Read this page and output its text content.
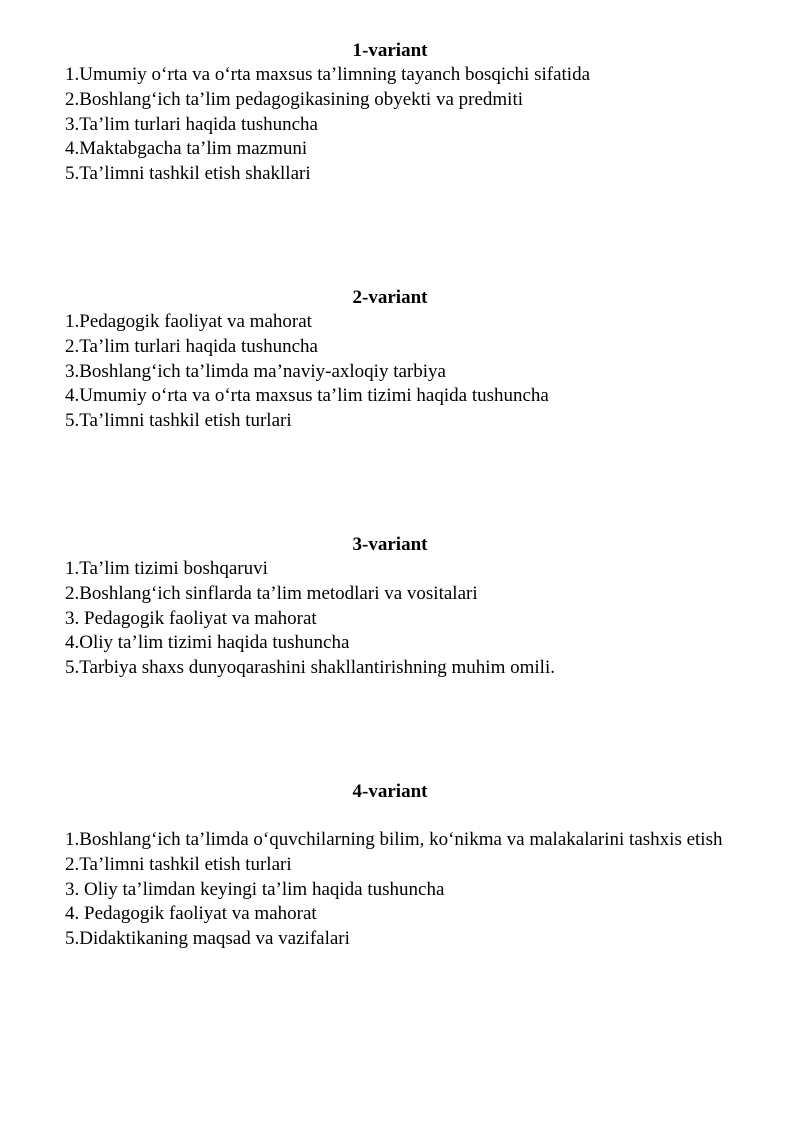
1-variant
1.Umumiy o‘rta va o‘rta maxsus ta’limning tayanch bosqichi sifatida
2.Boshlang‘ich ta’lim pedagogikasining obyekti va predmiti
3.Ta’lim turlari haqida tushuncha
4.Maktabgacha ta’lim mazmuni
5.Ta’limni tashkil etish shakllari
2-variant
1.Pedagogik faoliyat va mahorat
2.Ta’lim turlari haqida tushuncha
3.Boshlang‘ich ta’limda ma’naviy-axloqiy tarbiya
4.Umumiy o‘rta va o‘rta maxsus ta’lim tizimi haqida tushuncha
5.Ta’limni tashkil etish turlari
3-variant
1.Ta’lim tizimi boshqaruvi
2.Boshlang‘ich sinflarda ta’lim metodlari va vositalari
3. Pedagogik faoliyat va mahorat
4.Oliy ta’lim tizimi haqida tushuncha
5.Tarbiya shaxs dunyoqarashini shakllantirishning muhim omili.
4-variant
1.Boshlang‘ich ta’limda o‘quvchilarning bilim, ko‘nikma va malakalarini tashxis etish
2.Ta’limni tashkil etish turlari
3. Oliy ta’limdan keyingi ta’lim haqida tushuncha
4. Pedagogik faoliyat va mahorat
5.Didaktikaning maqsad va vazifalari
